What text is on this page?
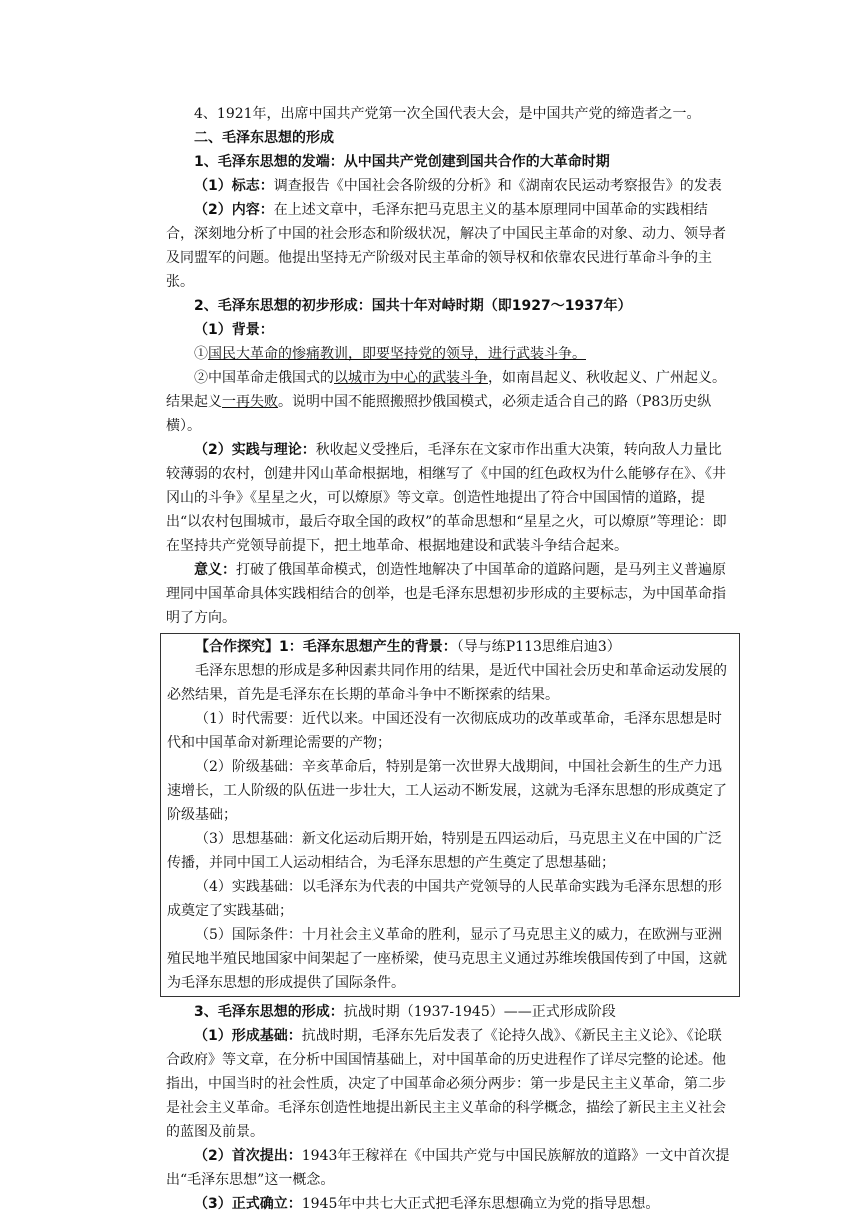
4、1921年，出席中国共产党第一次全国代表大会，是中国共产党的缔造者之一。

二、毛泽东思想的形成

1、毛泽东思想的发端：从中国共产党创建到国共合作的大革命时期

（1）标志：调查报告《中国社会各阶级的分析》和《湖南农民运动考察报告》的发表

（2）内容：在上述文章中，毛泽东把马克思主义的基本原理同中国革命的实践相结合，深刻地分析了中国的社会形态和阶级状况，解决了中国民主革命的对象、动力、领导者及同盟军的问题。他提出坚持无产阶级对民主革命的领导权和依靠农民进行革命斗争的主张。

2、毛泽东思想的初步形成：国共十年对峙时期（即1927～1937年）

（1）背景：

①国民大革命的惨痛教训，即要坚持党的领导，进行武装斗争。

②中国革命走俄国式的以城市为中心的武装斗争，如南昌起义、秋收起义、广州起义。结果起义一再失败。说明中国不能照搬照抄俄国模式，必须走适合自己的路（P83历史纵横）。

（2）实践与理论：秋收起义受挫后，毛泽东在文家市作出重大决策，转向敌人力量比较薄弱的农村，创建井冈山革命根据地，相继写了《中国的红色政权为什么能够存在》、《井冈山的斗争》《星星之火，可以燎原》等文章。创造性地提出了符合中国国情的道路，提出“以农村包围城市，最后夺取全国的政权”的革命思想和“星星之火，可以燎原”等理论：即在坚持共产党领导前提下，把土地革命、根据地建设和武装斗争结合起来。

意义：打破了俄国革命模式，创造性地解决了中国革命的道路问题，是马列主义普遍原理同中国革命具体实践相结合的创举，也是毛泽东思想初步形成的主要标志，为中国革命指明了方向。

【合作探究】1：毛泽东思想产生的背景：（导与练P113思维启迪3）

毛泽东思想的形成是多种因素共同作用的结果，是近代中国社会历史和革命运动发展的必然结果，首先是毛泽东在长期的革命斗争中不断探索的结果。

（1）时代需要：近代以来。中国还没有一次彻底成功的改革或革命，毛泽东思想是时代和中国革命对新理论需要的产物；

（2）阶级基础：辛亥革命后，特别是第一次世界大战期间，中国社会新生的生产力迅速增长，工人阶级的队伍进一步壮大，工人运动不断发展，这就为毛泽东思想的形成奠定了阶级基础；

（3）思想基础：新文化运动后期开始，特别是五四运动后，马克思主义在中国的广泛传播，并同中国工人运动相结合，为毛泽东思想的产生奠定了思想基础；

（4）实践基础：以毛泽东为代表的中国共产党领导的人民革命实践为毛泽东思想的形成奠定了实践基础；

（5）国际条件：十月社会主义革命的胜利，显示了马克思主义的威力，在欧洲与亚洲殖民地半殖民地国家中间架起了一座桥梁，使马克思主义通过苏维埃俄国传到了中国，这就为毛泽东思想的形成提供了国际条件。

3、毛泽东思想的形成：抗战时期（1937-1945）——正式形成阶段

（1）形成基础：抗战时期，毛泽东先后发表了《论持久战》、《新民主主义论》、《论联合政府》等文章，在分析中国国情基础上，对中国革命的历史进程作了详尽完整的论述。他指出，中国当时的社会性质，决定了中国革命必须分两步：第一步是民主主义革命，第二步是社会主义革命。毛泽东创造性地提出新民主主义革命的科学概念，描绘了新民主主义社会的蓝图及前景。

（2）首次提出：1943年王稼祥在《中国共产党与中国民族解放的道路》一文中首次提出“毛泽东思想”这一概念。

（3）正式确立：1945年中共七大正式把毛泽东思想确立为党的指导思想。
